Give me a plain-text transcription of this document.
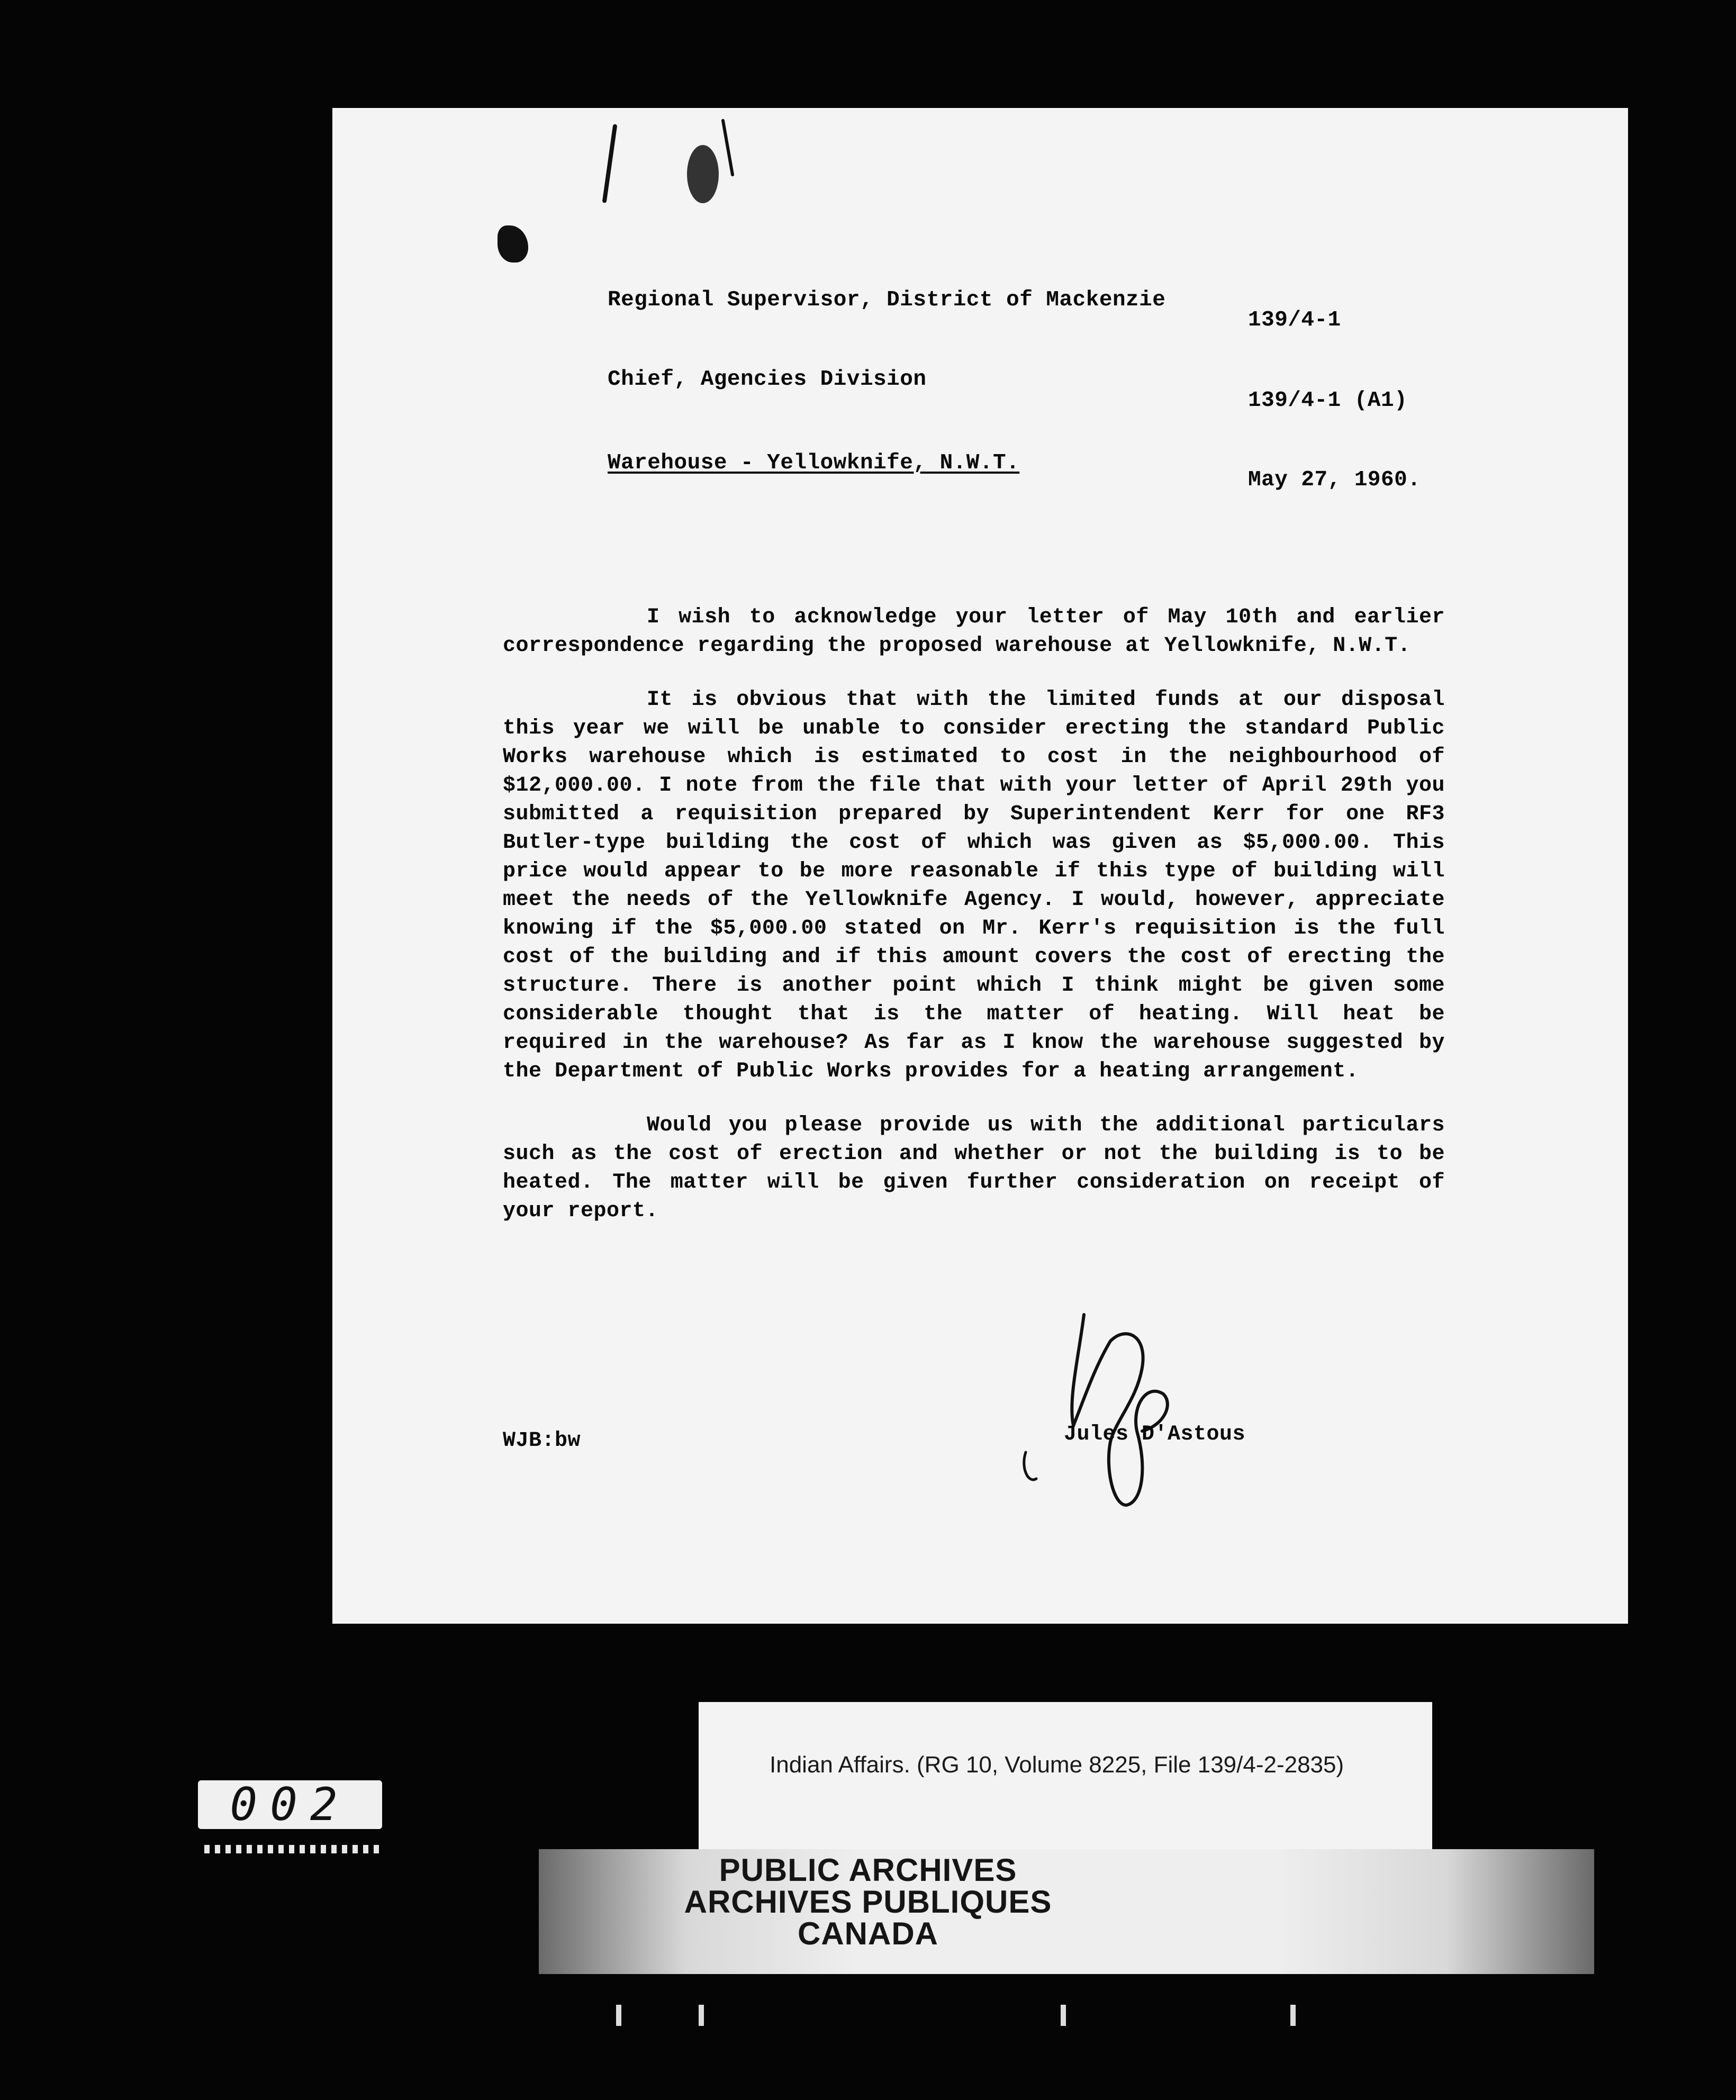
Regional Supervisor, District of Mackenzie
139/4-1
Chief, Agencies Division
139/4-1 (A1)
Warehouse - Yellowknife, N.W.T.
May 27, 1960.

I wish to acknowledge your letter of May 10th and earlier correspondence regarding the proposed warehouse at Yellowknife, N.W.T.

It is obvious that with the limited funds at our disposal this year we will be unable to consider erecting the standard Public Works warehouse which is estimated to cost in the neighbourhood of $12,000.00. I note from the file that with your letter of April 29th you submitted a requisition prepared by Superintendent Kerr for one RF3 Butler-type building the cost of which was given as $5,000.00. This price would appear to be more reasonable if this type of building will meet the needs of the Yellowknife Agency. I would, however, appreciate knowing if the $5,000.00 stated on Mr. Kerr's requisition is the full cost of the building and if this amount covers the cost of erecting the structure. There is another point which I think might be given some considerable thought that is the matter of heating. Will heat be required in the warehouse? As far as I know the warehouse suggested by the Department of Public Works provides for a heating arrangement.

Would you please provide us with the additional particulars such as the cost of erection and whether or not the building is to be heated. The matter will be given further consideration on receipt of your report.

WJB:bw	Jules D'Astous
002
Indian Affairs. (RG 10, Volume 8225, File 139/4-2-2835)
PUBLIC ARCHIVES
ARCHIVES PUBLIQUES
CANADA
